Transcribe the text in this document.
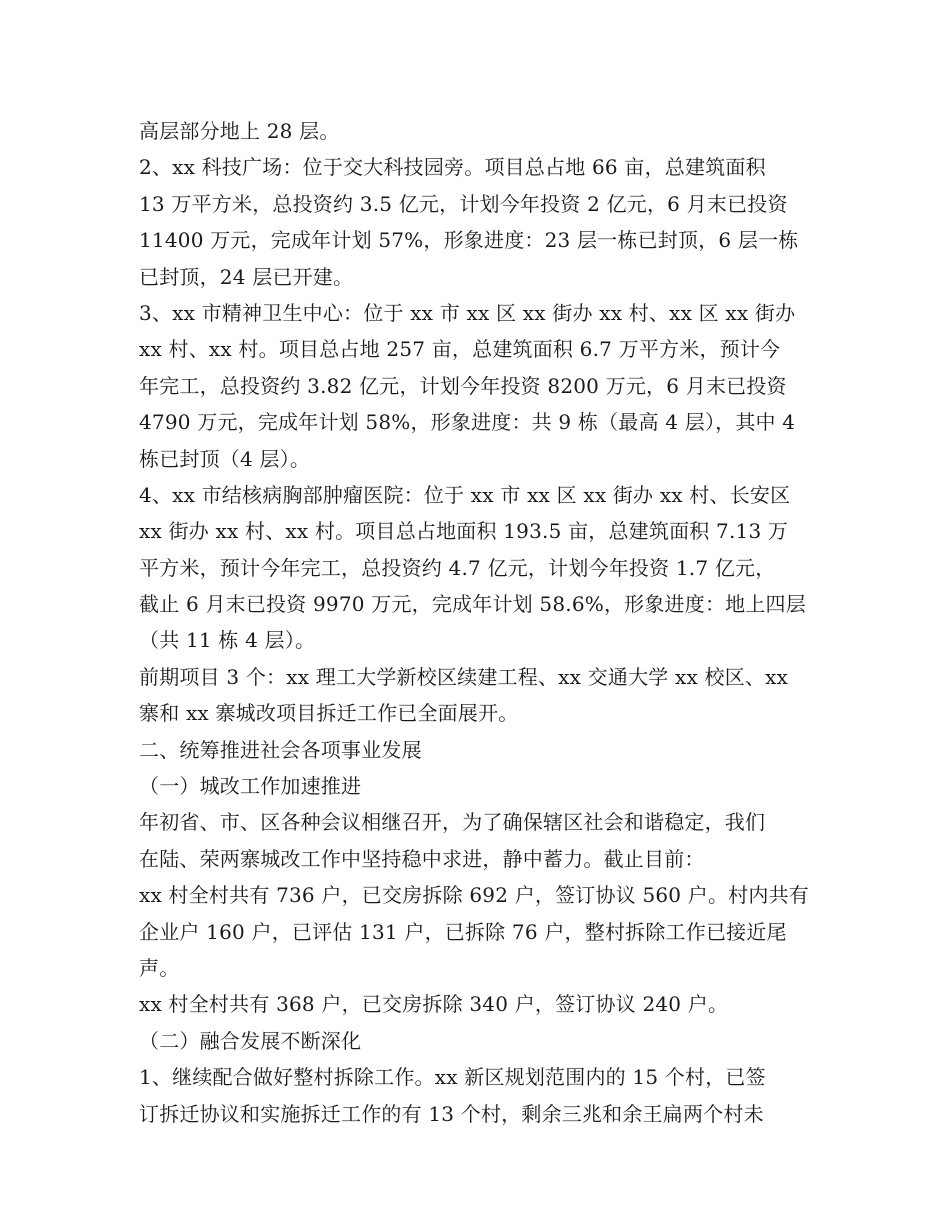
高层部分地上 28 层。
2、xx 科技广场：位于交大科技园旁。项目总占地 66 亩，总建筑面积
13 万平方米，总投资约 3.5 亿元，计划今年投资 2 亿元，6 月末已投资
11400 万元，完成年计划 57%，形象进度：23 层一栋已封顶，6 层一栋
已封顶，24 层已开建。
3、xx 市精神卫生中心：位于 xx 市 xx 区 xx 街办 xx 村、xx 区 xx 街办
xx 村、xx 村。项目总占地 257 亩，总建筑面积 6.7 万平方米，预计今
年完工，总投资约 3.82 亿元，计划今年投资 8200 万元，6 月末已投资
4790 万元，完成年计划 58%，形象进度：共 9 栋（最高 4 层），其中 4
栋已封顶（4 层）。
4、xx 市结核病胸部肿瘤医院：位于 xx 市 xx 区 xx 街办 xx 村、长安区
xx 街办 xx 村、xx 村。项目总占地面积 193.5 亩，总建筑面积 7.13 万
平方米，预计今年完工，总投资约 4.7 亿元，计划今年投资 1.7 亿元，
截止 6 月末已投资 9970 万元，完成年计划 58.6%，形象进度：地上四层
（共 11 栋 4 层）。
前期项目 3 个：xx 理工大学新校区续建工程、xx 交通大学 xx 校区、xx
寨和 xx 寨城改项目拆迁工作已全面展开。
二、统筹推进社会各项事业发展
（一）城改工作加速推进
年初省、市、区各种会议相继召开，为了确保辖区社会和谐稳定，我们
在陆、荣两寨城改工作中坚持稳中求进，静中蓄力。截止目前：
xx 村全村共有 736 户，已交房拆除 692 户，签订协议 560 户。村内共有
企业户 160 户，已评估 131 户，已拆除 76 户，整村拆除工作已接近尾
声。
xx 村全村共有 368 户，已交房拆除 340 户，签订协议 240 户。
（二）融合发展不断深化
1、继续配合做好整村拆除工作。xx 新区规划范围内的 15 个村，已签
订拆迁协议和实施拆迁工作的有 13 个村，剩余三兆和余王扁两个村未
